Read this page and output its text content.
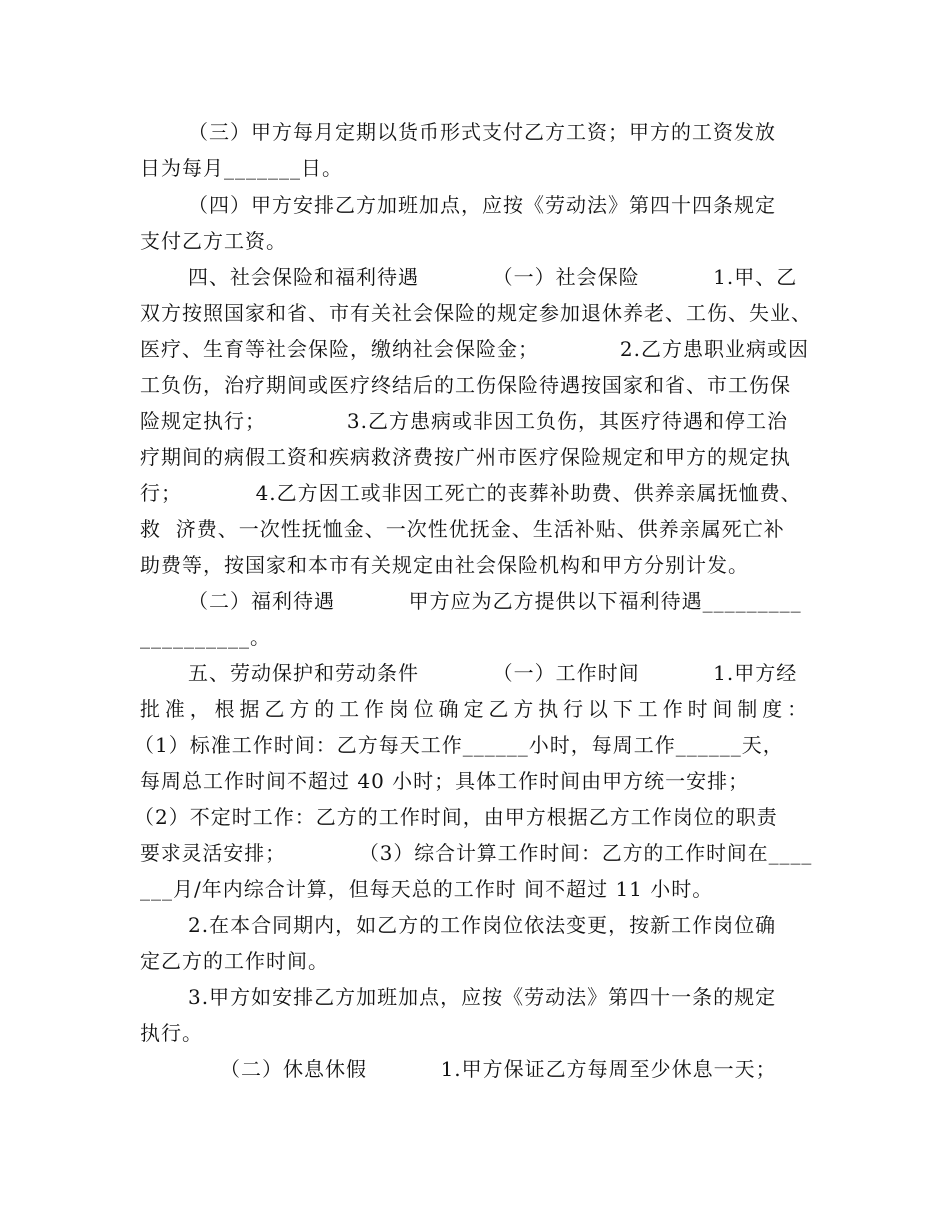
（三）甲方每月定期以货币形式支付乙方工资；甲方的工资发放
日为每月_______日。
（四）甲方安排乙方加班加点，应按《劳动法》第四十四条规定
支付乙方工资。
四、社会保险和福利待遇          （一）社会保险          1.甲、乙
双方按照国家和省、市有关社会保险的规定参加退休养老、工伤、失业、
医疗、生育等社会保险，缴纳社会保险金；           2.乙方患职业病或因
工负伤，治疗期间或医疗终结后的工伤保险待遇按国家和省、市工伤保
险规定执行；           3.乙方患病或非因工负伤，其医疗待遇和停工治
疗期间的病假工资和疾病救济费按广州市医疗保险规定和甲方的规定执
行；          4.乙方因工或非因工死亡的丧葬补助费、供养亲属抚恤费、
救  济费、一次性抚恤金、一次性优抚金、生活补贴、供养亲属死亡补
助费等，按国家和本市有关规定由社会保险机构和甲方分别计发。
（二）福利待遇          甲方应为乙方提供以下福利待遇_________
__________。
五、劳动保护和劳动条件          （一）工作时间          1.甲方经
批准，根据乙方的工作岗位确定乙方执行以下工作时间制度：
（1）标准工作时间：乙方每天工作______小时，每周工作______天，
每周总工作时间不超过 40 小时；具体工作时间由甲方统一安排；
（2）不定时工作：乙方的工作时间，由甲方根据乙方工作岗位的职责
要求灵活安排；          （3）综合计算工作时间：乙方的工作时间在____
___月/年内综合计算，但每天总的工作时 间不超过 11 小时。
2.在本合同期内，如乙方的工作岗位依法变更，按新工作岗位确
定乙方的工作时间。
3.甲方如安排乙方加班加点，应按《劳动法》第四十一条的规定
执行。
（二）休息休假          1.甲方保证乙方每周至少休息一天；
